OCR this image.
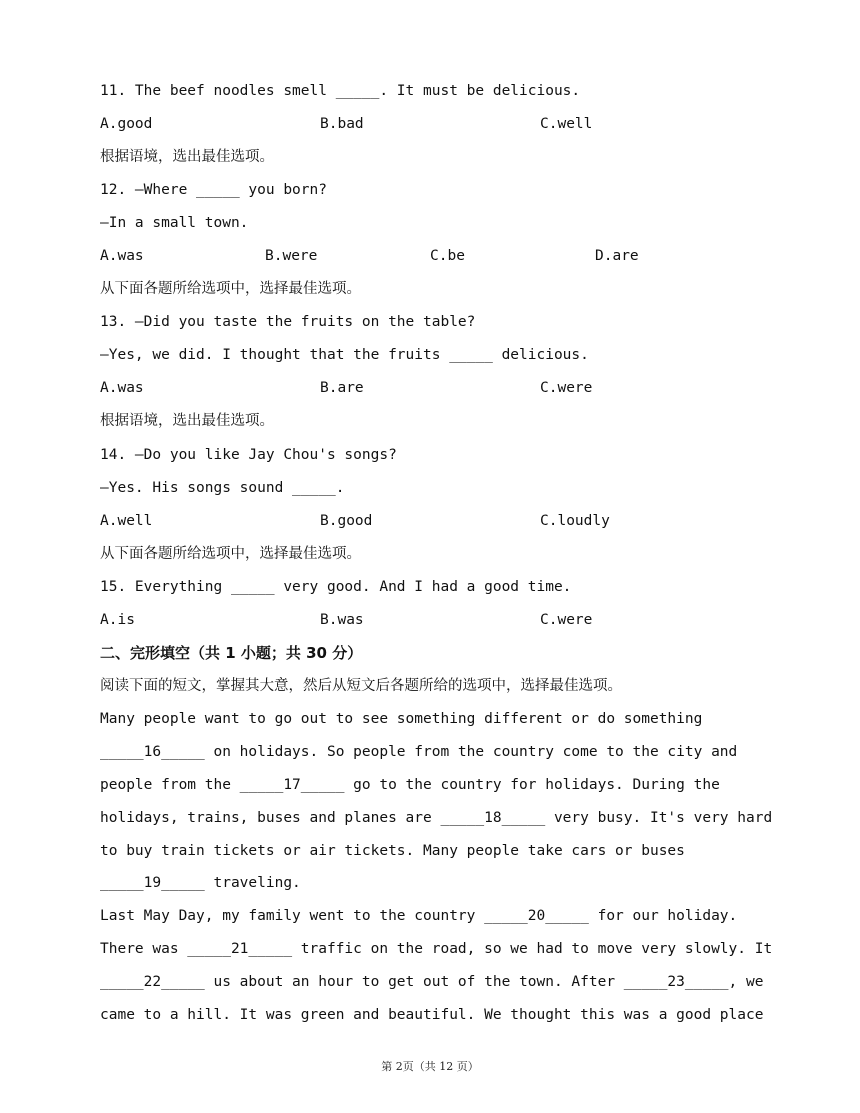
11. The beef noodles smell _____. It must be delicious.
A.good	B.bad	C.well
根据语境，选出最佳选项。
12. —Where _____ you born?
—In a small town.
A.was	B.were	C.be	D.are
从下面各题所给选项中，选择最佳选项。
13. —Did you taste the fruits on the table?
—Yes, we did. I thought that the fruits _____ delicious.
A.was	B.are	C.were
根据语境，选出最佳选项。
14. —Do you like Jay Chou's songs?
—Yes. His songs sound _____.
A.well	B.good	C.loudly
从下面各题所给选项中，选择最佳选项。
15. Everything _____ very good. And I had a good time.
A.is	B.was	C.were
二、完形填空（共 1 小题；共 30 分）
阅读下面的短文，掌握其大意，然后从短文后各题所给的选项中，选择最佳选项。
Many people want to go out to see something different or do something
_____16_____ on holidays. So people from the country come to the city and
people from the _____17_____ go to the country for holidays. During the
holidays, trains, buses and planes are _____18_____ very busy. It's very hard
to buy train tickets or air tickets. Many people take cars or buses
_____19_____ traveling.
Last May Day, my family went to the country _____20_____ for our holiday.
There was _____21_____ traffic on the road, so we had to move very slowly. It
_____22_____ us about an hour to get out of the town. After _____23_____, we
came to a hill. It was green and beautiful. We thought this was a good place
第 2页（共 12 页）
